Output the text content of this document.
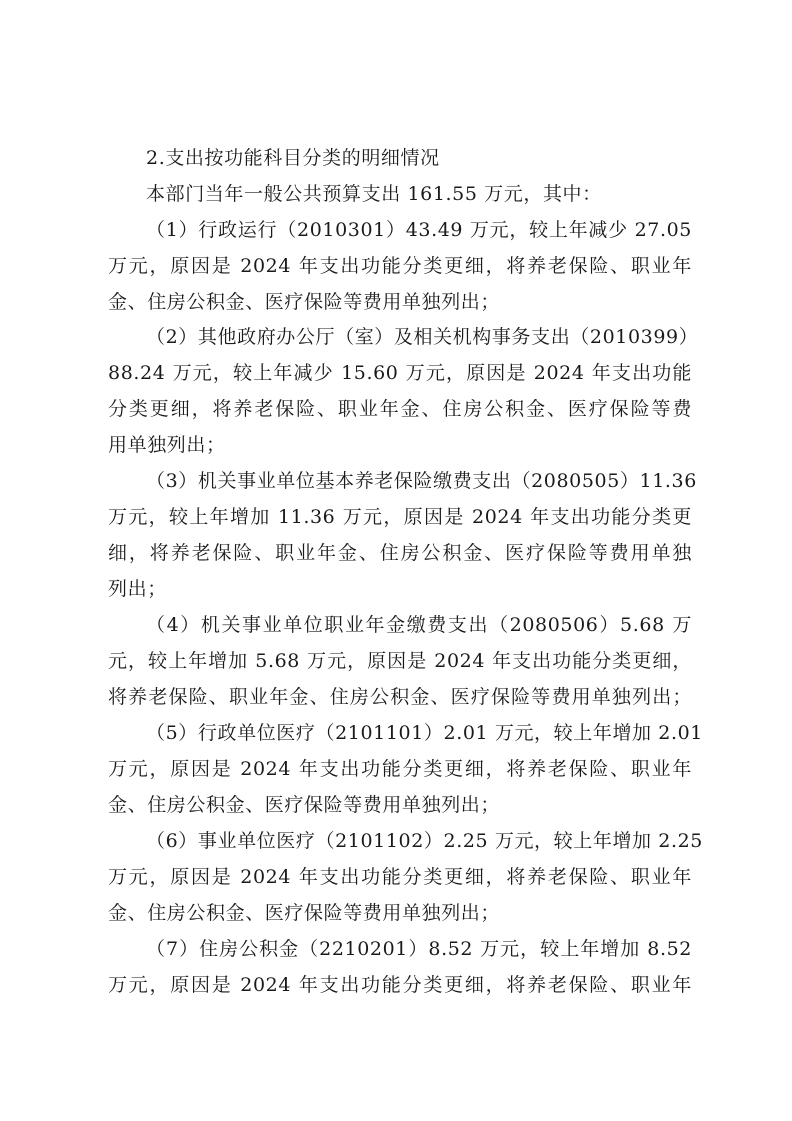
2.支出按功能科目分类的明细情况
本部门当年一般公共预算支出 161.55 万元，其中：
（1）行政运行（2010301）43.49 万元，较上年减少 27.05
万元，原因是 2024 年支出功能分类更细，将养老保险、职业年
金、住房公积金、医疗保险等费用单独列出；
（2）其他政府办公厅（室）及相关机构事务支出（2010399）
88.24 万元，较上年减少 15.60 万元，原因是 2024 年支出功能
分类更细，将养老保险、职业年金、住房公积金、医疗保险等费
用单独列出；
（3）机关事业单位基本养老保险缴费支出（2080505）11.36
万元，较上年增加 11.36 万元，原因是 2024 年支出功能分类更
细，将养老保险、职业年金、住房公积金、医疗保险等费用单独
列出；
（4）机关事业单位职业年金缴费支出（2080506）5.68 万
元，较上年增加 5.68 万元，原因是 2024 年支出功能分类更细，
将养老保险、职业年金、住房公积金、医疗保险等费用单独列出；
（5）行政单位医疗（2101101）2.01 万元，较上年增加 2.01
万元，原因是 2024 年支出功能分类更细，将养老保险、职业年
金、住房公积金、医疗保险等费用单独列出；
（6）事业单位医疗（2101102）2.25 万元，较上年增加 2.25
万元，原因是 2024 年支出功能分类更细，将养老保险、职业年
金、住房公积金、医疗保险等费用单独列出；
（7）住房公积金（2210201）8.52 万元，较上年增加 8.52
万元，原因是 2024 年支出功能分类更细，将养老保险、职业年
